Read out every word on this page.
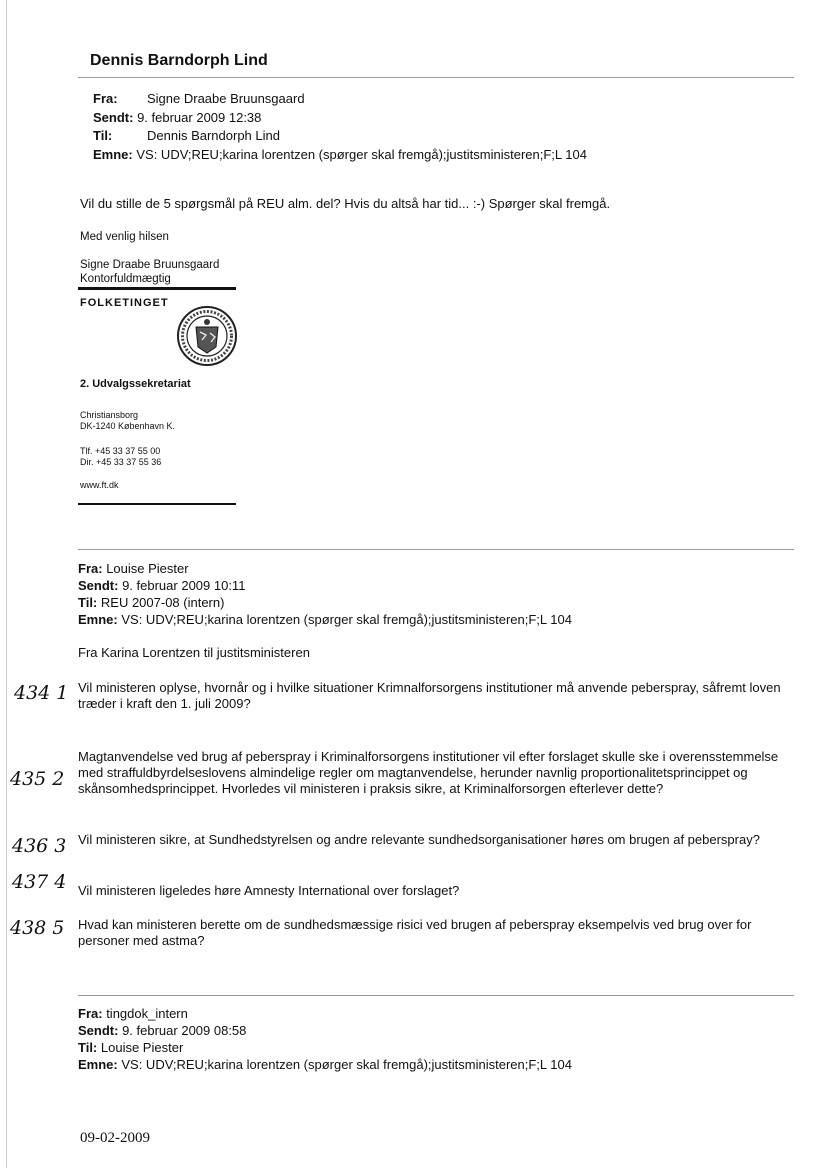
Dennis Barndorph Lind
Fra: Signe Draabe Bruunsgaard
Sendt: 9. februar 2009 12:38
Til:	Dennis Barndorph Lind
Emne: VS: UDV;REU;karina lorentzen (spørger skal fremgå);justitsministeren;F;L 104
Vil du stille de 5 spørgsmål på REU alm. del? Hvis du altså har tid... :-) Spørger skal fremgå.
Med venlig hilsen
Signe Draabe Bruunsgaard
Kontorfuldmægtig
FOLKETINGET
2. Udvalgssekretariat
Christiansborg
DK-1240 København K.
Tlf. +45 33 37 55 00
Dir. +45 33 37 55 36
www.ft.dk
Fra: Louise Piester
Sendt: 9. februar 2009 10:11
Til: REU 2007-08 (intern)
Emne: VS: UDV;REU;karina lorentzen (spørger skal fremgå);justitsministeren;F;L 104
Fra Karina Lorentzen til justitsministeren
434 1 Vil ministeren oplyse, hvornår og i hvilke situationer Krimnalforsorgens institutioner må anvende peberspray, såfremt loven træder i kraft den 1. juli 2009?
435 2
Magtanvendelse ved brug af peberspray i Kriminalforsorgens institutioner vil efter forslaget skulle ske i overensstemmelse med straffuldbyrdelseslovens almindelige regler om magtanvendelse, herunder navnlig proportionalitetsprincippet og skånsomhedsprincippet. Hvorledes vil ministeren i praksis sikre, at Kriminalforsorgen efterlever dette?
436 3 Vil ministeren sikre, at Sundhedstyrelsen og andre relevante sundhedsorganisationer høres om brugen af peberspray?
437 4 Vil ministeren ligeledes høre Amnesty International over forslaget?
438 5 Hvad kan ministeren berette om de sundhedsmæssige risici ved brugen af peberspray eksempelvis ved brug over for personer med astma?
Fra: tingdok_intern
Sendt: 9. februar 2009 08:58
Til: Louise Piester
Emne: VS: UDV;REU;karina lorentzen (spørger skal fremgå);justitsministeren;F;L 104
09-02-2009
